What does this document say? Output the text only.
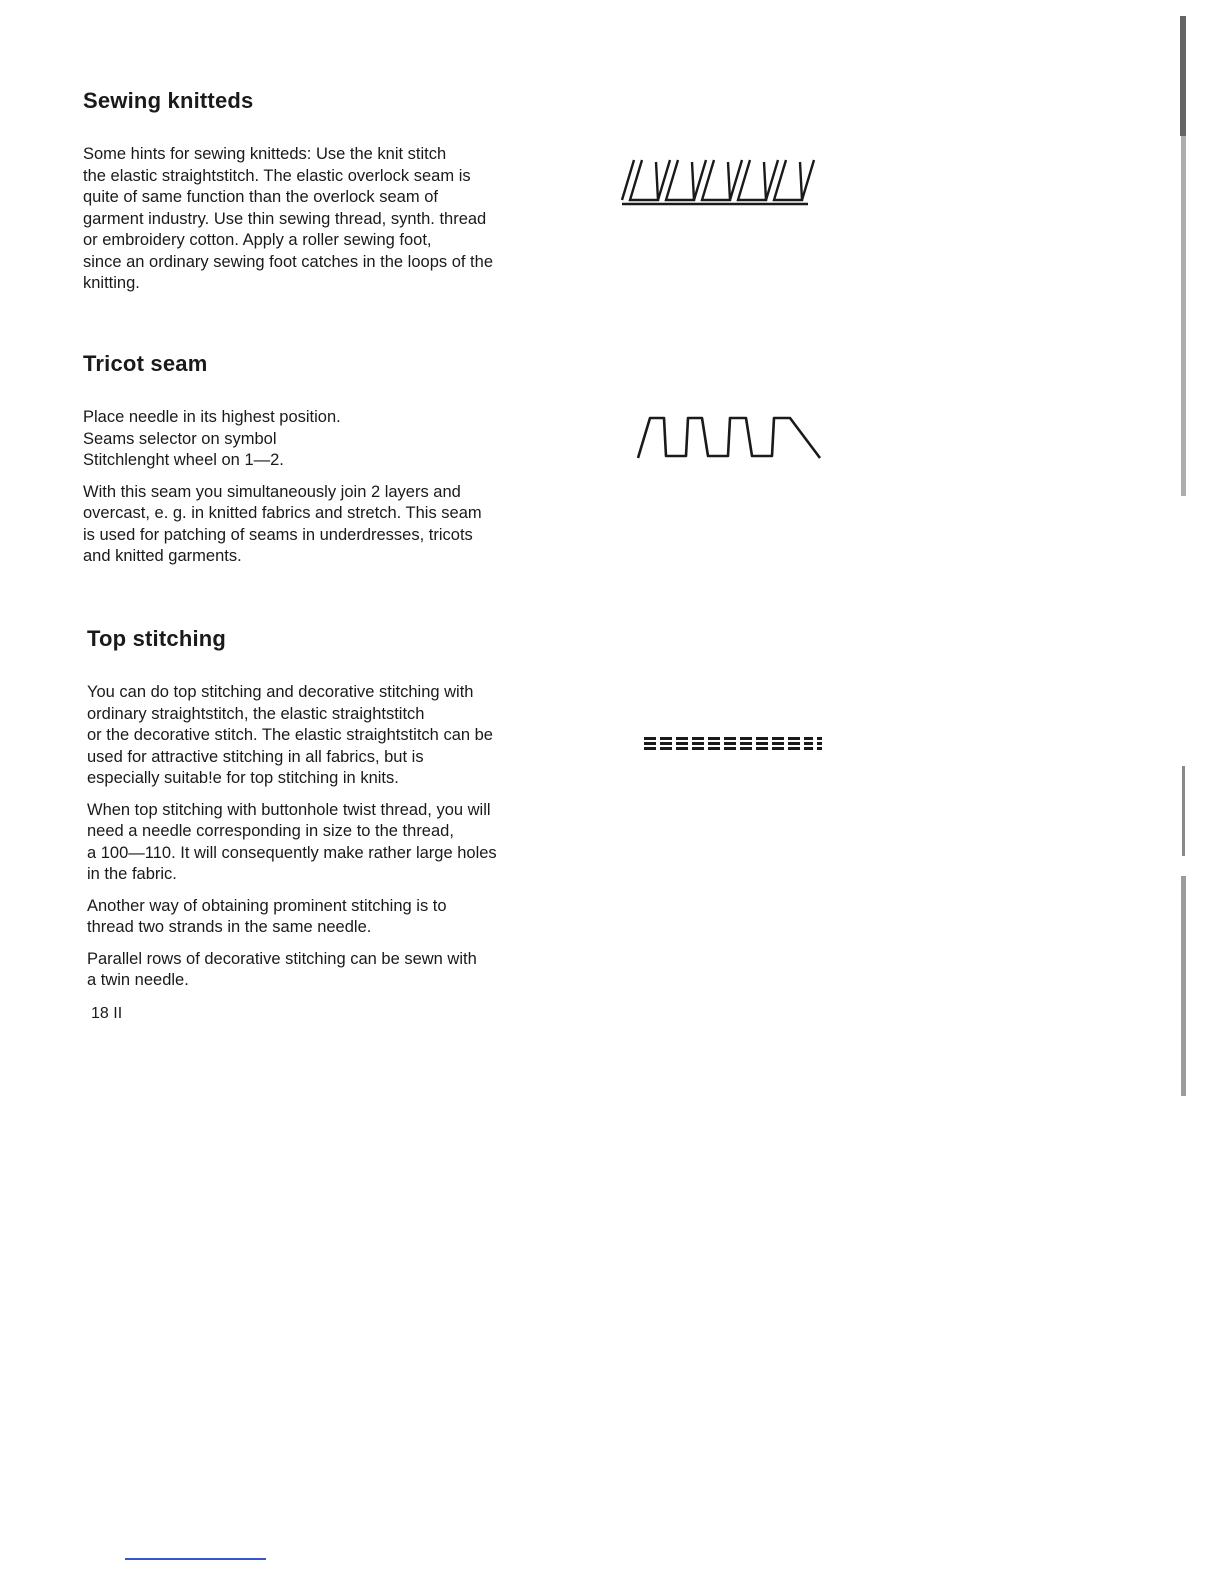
Sewing knitteds
Some hints for sewing knitteds: Use the knit stitch
the elastic straightstitch. The elastic overlock seam is
quite of same function than the overlock seam of
garment industry. Use thin sewing thread, synth. thread
or embroidery cotton. Apply a roller sewing foot,
since an ordinary sewing foot catches in the loops of the
knitting.
Tricot seam
Place needle in its highest position.
Seams selector on symbol
Stitchlenght wheel on 1—2.
With this seam you simultaneously join 2 layers and
overcast, e. g. in knitted fabrics and stretch. This seam
is used for patching of seams in underdresses, tricots
and knitted garments.
Top stitching
You can do top stitching and decorative stitching with
ordinary straightstitch, the elastic straightstitch
or the decorative stitch. The elastic straightstitch can be
used for attractive stitching in all fabrics, but is
especially suitab!e for top stitching in knits.
When top stitching with buttonhole twist thread, you will
need a needle corresponding in size to the thread,
a 100—110. It will consequently make rather large holes
in the fabric.
Another way of obtaining prominent stitching is to
thread two strands in the same needle.
Parallel rows of decorative stitching can be sewn with
a twin needle.
18 II
